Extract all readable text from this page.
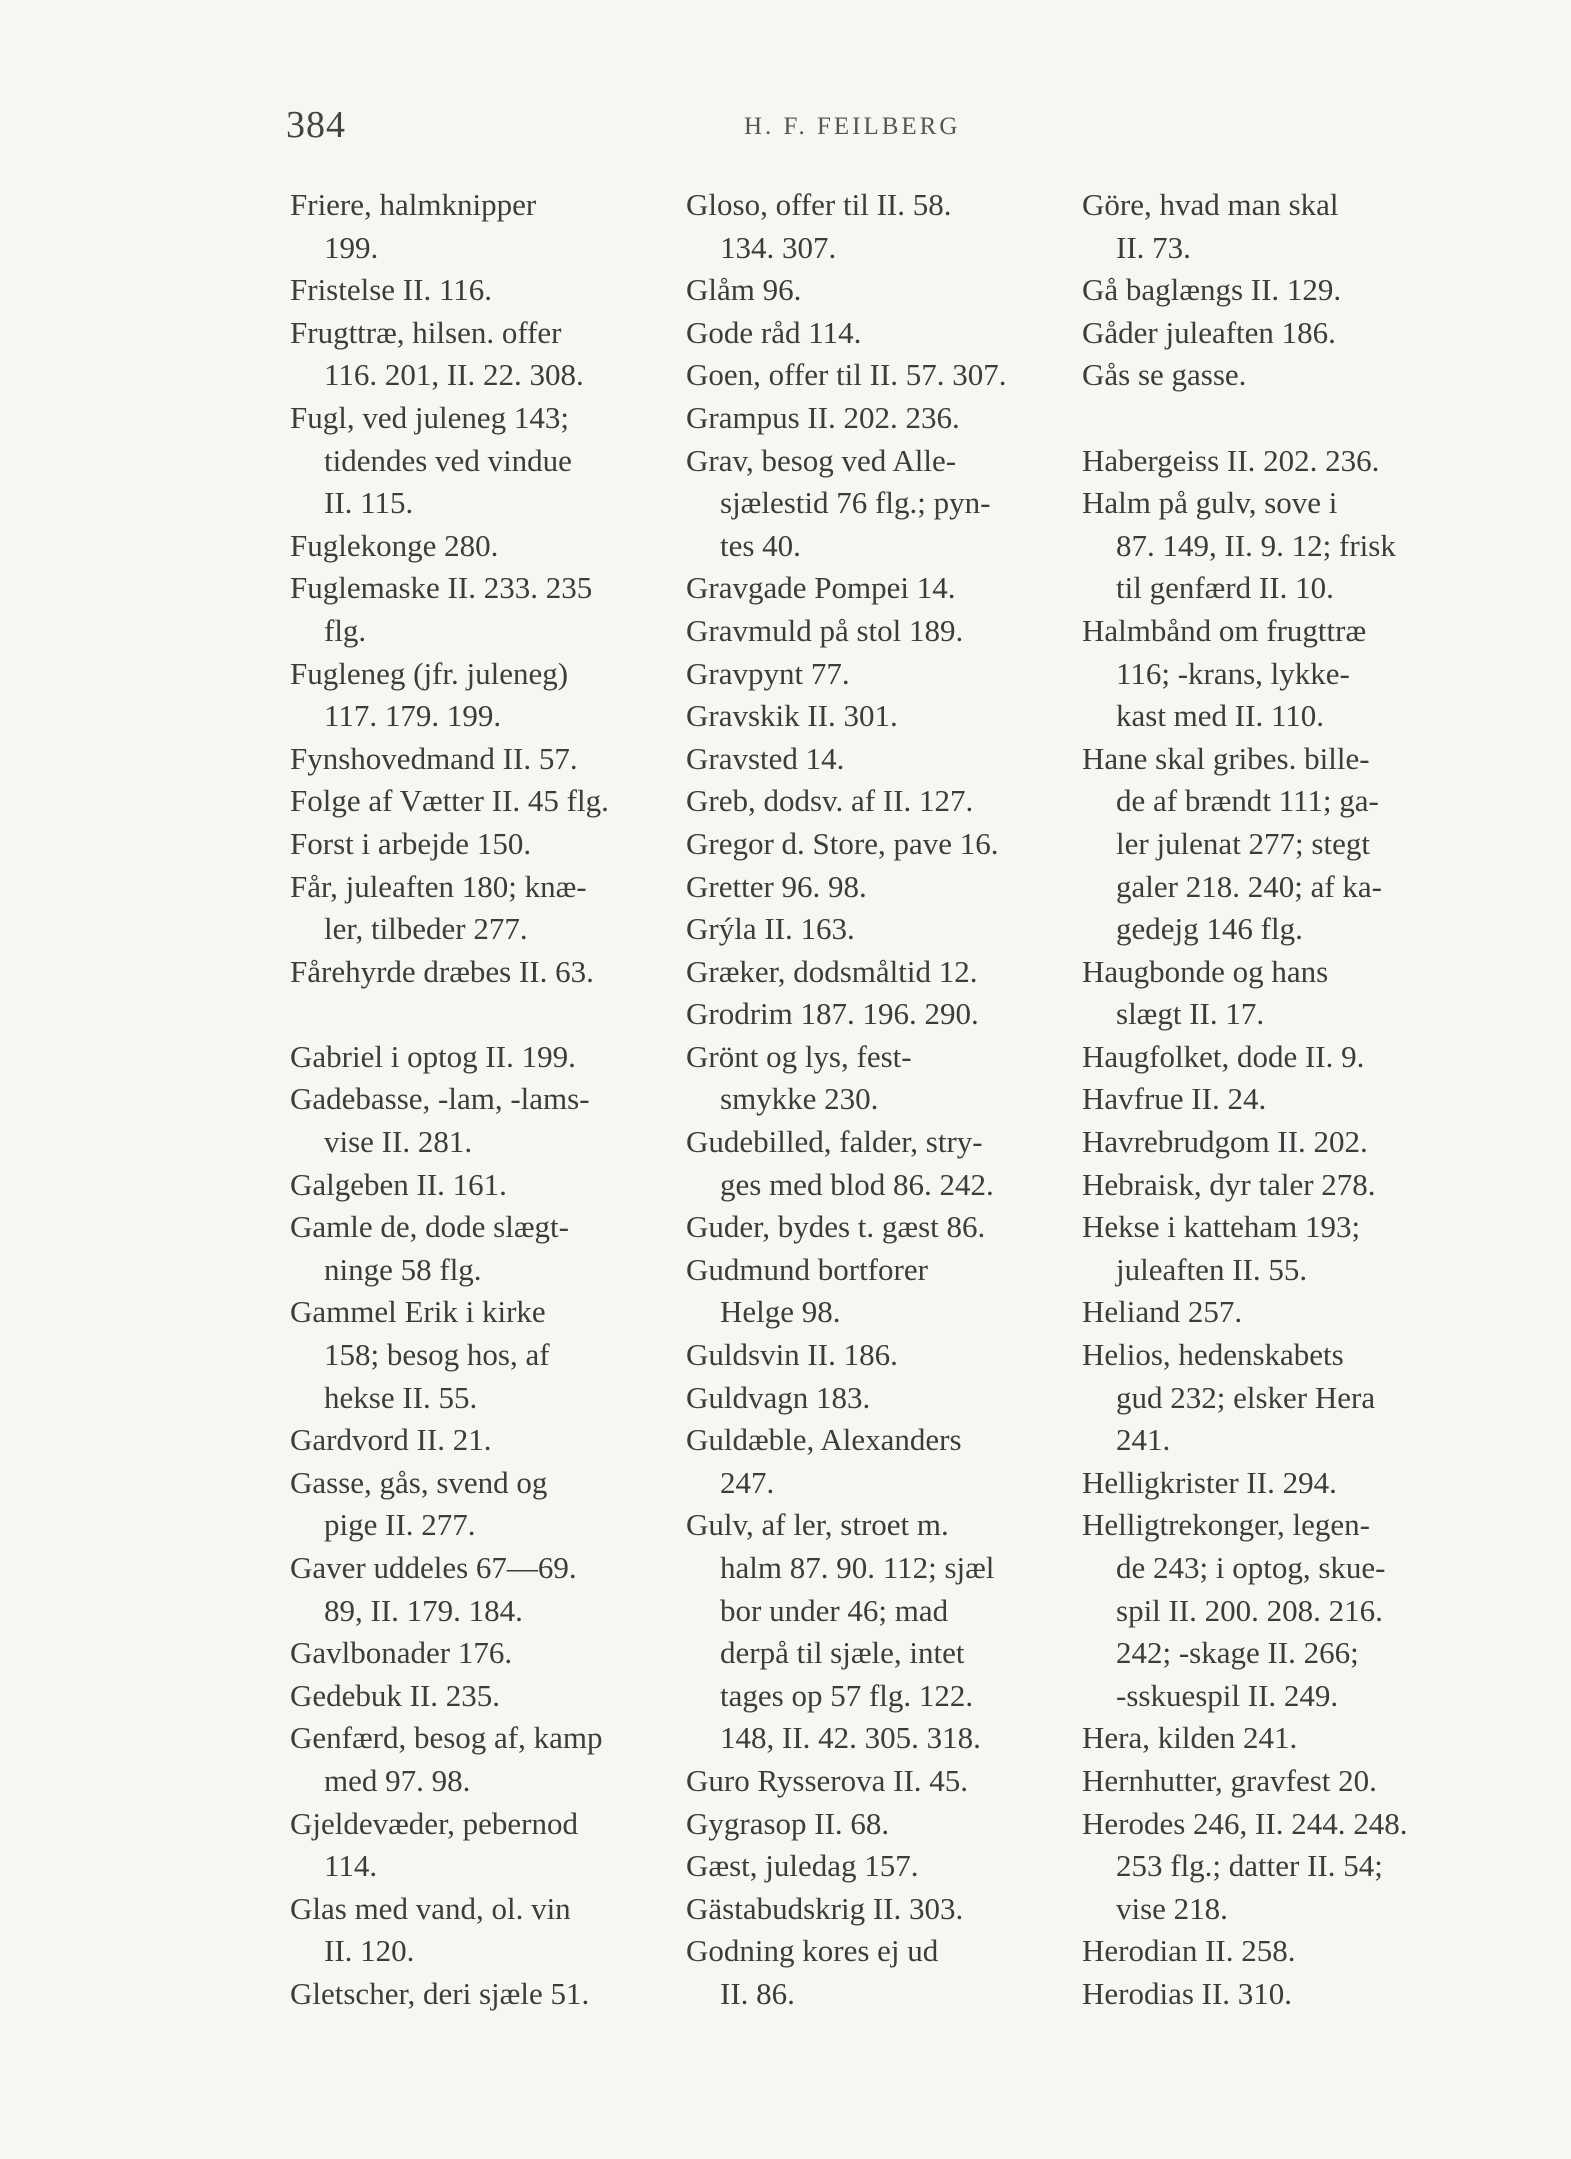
384	H. F. FEILBERG
Friere, halmknipper
199.
Fristelse II. 116.
Frugttræ, hilsen. offer
116. 201, II. 22. 308.
Fugl, ved juleneg 143;
tidendes ved vindue
II. 115.
Fuglekonge 280.
Fuglemaske II. 233. 235
flg.
Fugleneg (jfr. juleneg)
117. 179. 199.
Fynshovedmand II. 57.
Folge af Vætter II. 45 flg.
Forst i arbejde 150.
Får, juleaften 180; knæ-
ler, tilbeder 277.
Fårehyrde dræbes II. 63.
Gabriel i optog II. 199.
Gadebasse, -lam, -lams-
vise II. 281.
Galgeben II. 161.
Gamle de, dode slægt-
ninge 58 flg.
Gammel Erik i kirke
158; besog hos, af
hekse II. 55.
Gardvord II. 21.
Gasse, gås, svend og
pige II. 277.
Gaver uddeles 67—69.
89, II. 179. 184.
Gavlbonader 176.
Gedebuk II. 235.
Genfærd, besog af, kamp
med 97. 98.
Gjeldevæder, pebernod
114.
Glas med vand, ol. vin
II. 120.
Gletscher, deri sjæle 51.
Gloso, offer til II. 58.
134. 307.
Glåm 96.
Gode råd 114.
Goen, offer til II. 57. 307.
Grampus II. 202. 236.
Grav, besog ved Alle-
sjælestid 76 flg.; pyn-
tes 40.
Gravgade Pompei 14.
Gravmuld på stol 189.
Gravpynt 77.
Gravskik II. 301.
Gravsted 14.
Greb, dodsv. af II. 127.
Gregor d. Store, pave 16.
Gretter 96. 98.
Grýla II. 163.
Græker, dodsmåltid 12.
Grodrim 187. 196. 290.
Grönt og lys, fest-
smykke 230.
Gudebilled, falder, stry-
ges med blod 86. 242.
Guder, bydes t. gæst 86.
Gudmund bortforer
Helge 98.
Guldsvin II. 186.
Guldvagn 183.
Guldæble, Alexanders
247.
Gulv, af ler, stroet m.
halm 87. 90. 112; sjæl
bor under 46; mad
derpå til sjæle, intet
tages op 57 flg. 122.
148, II. 42. 305. 318.
Guro Rysserova II. 45.
Gygrasop II. 68.
Gæst, juledag 157.
Gästabudskrig II. 303.
Godning kores ej ud
II. 86.
Göre, hvad man skal
II. 73.
Gå baglængs II. 129.
Gåder juleaften 186.
Gås se gasse.
Habergeiss II. 202. 236.
Halm på gulv, sove i
87. 149, II. 9. 12; frisk
til genfærd II. 10.
Halmbånd om frugttræ
116; -krans, lykke-
kast med II. 110.
Hane skal gribes. bille-
de af brændt 111; ga-
ler julenat 277; stegt
galer 218. 240; af ka-
gedejg 146 flg.
Haugbonde og hans
slægt II. 17.
Haugfolket, dode II. 9.
Havfrue II. 24.
Havrebrudgom II. 202.
Hebraisk, dyr taler 278.
Hekse i katteham 193;
juleaften II. 55.
Heliand 257.
Helios, hedenskabets
gud 232; elsker Hera
241.
Helligkrister II. 294.
Helligtrekonger, legen-
de 243; i optog, skue-
spil II. 200. 208. 216.
242; -skage II. 266;
-sskuespil II. 249.
Hera, kilden 241.
Hernhutter, gravfest 20.
Herodes 246, II. 244. 248.
253 flg.; datter II. 54;
vise 218.
Herodian II. 258.
Herodias II. 310.
